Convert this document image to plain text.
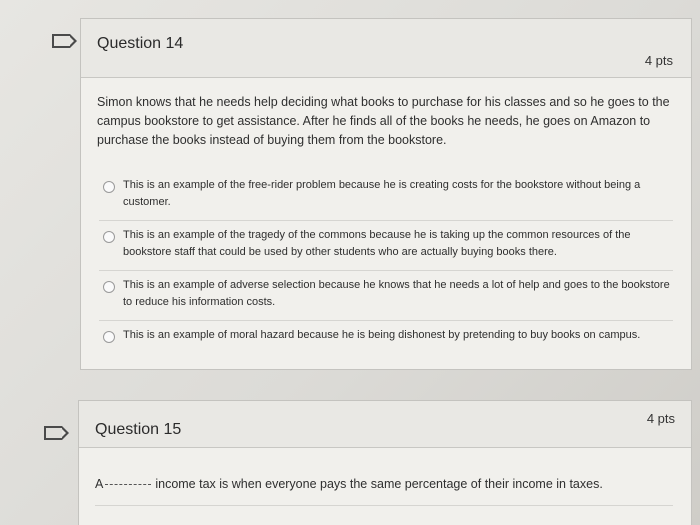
Question 14
4 pts
Simon knows that he needs help deciding what books to purchase for his classes and so he goes to the campus bookstore to get assistance. After he finds all of the books he needs, he goes on Amazon to purchase the books instead of buying them from the bookstore.
This is an example of the free-rider problem because he is creating costs for the bookstore without being a customer.
This is an example of the tragedy of the commons because he is taking up the common resources of the bookstore staff that could be used by other students who are actually buying books there.
This is an example of adverse selection because he knows that he needs a lot of help and goes to the bookstore to reduce his information costs.
This is an example of moral hazard because he is being dishonest by pretending to buy books on campus.
Question 15
4 pts
A	income tax is when everyone pays the same percentage of their income in taxes.
